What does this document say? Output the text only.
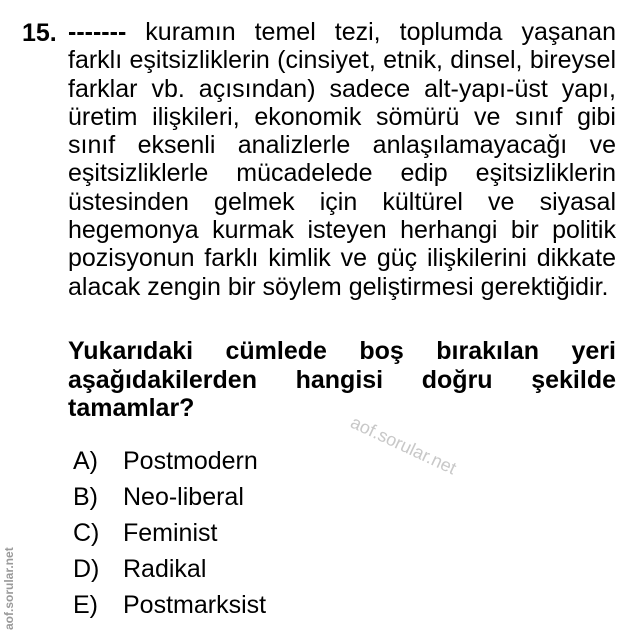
15. ------- kuramın temel tezi, toplumda yaşanan farklı eşitsizliklerin (cinsiyet, etnik, dinsel, bireysel farklar vb. açısından) sadece alt-yapı-üst yapı, üretim ilişkileri, ekonomik sömürü ve sınıf gibi sınıf eksenli analizlerle anlaşılamayacağı ve eşitsizliklerle mücadelede edip eşitsizliklerin üstesinden gelmek için kültürel ve siyasal hegemonya kurmak isteyen herhangi bir politik pozisyonun farklı kimlik ve güç ilişkilerini dikkate alacak zengin bir söylem geliştirmesi gerektiğidir.
Yukarıdaki cümlede boş bırakılan yeri aşağıdakilerden hangisi doğru şekilde tamamlar?
A)	Postmodern
B)	Neo-liberal
C) Feminist
D) Radikal
E)	Postmarksist
aof.sorular.net
aof.sorular.net
